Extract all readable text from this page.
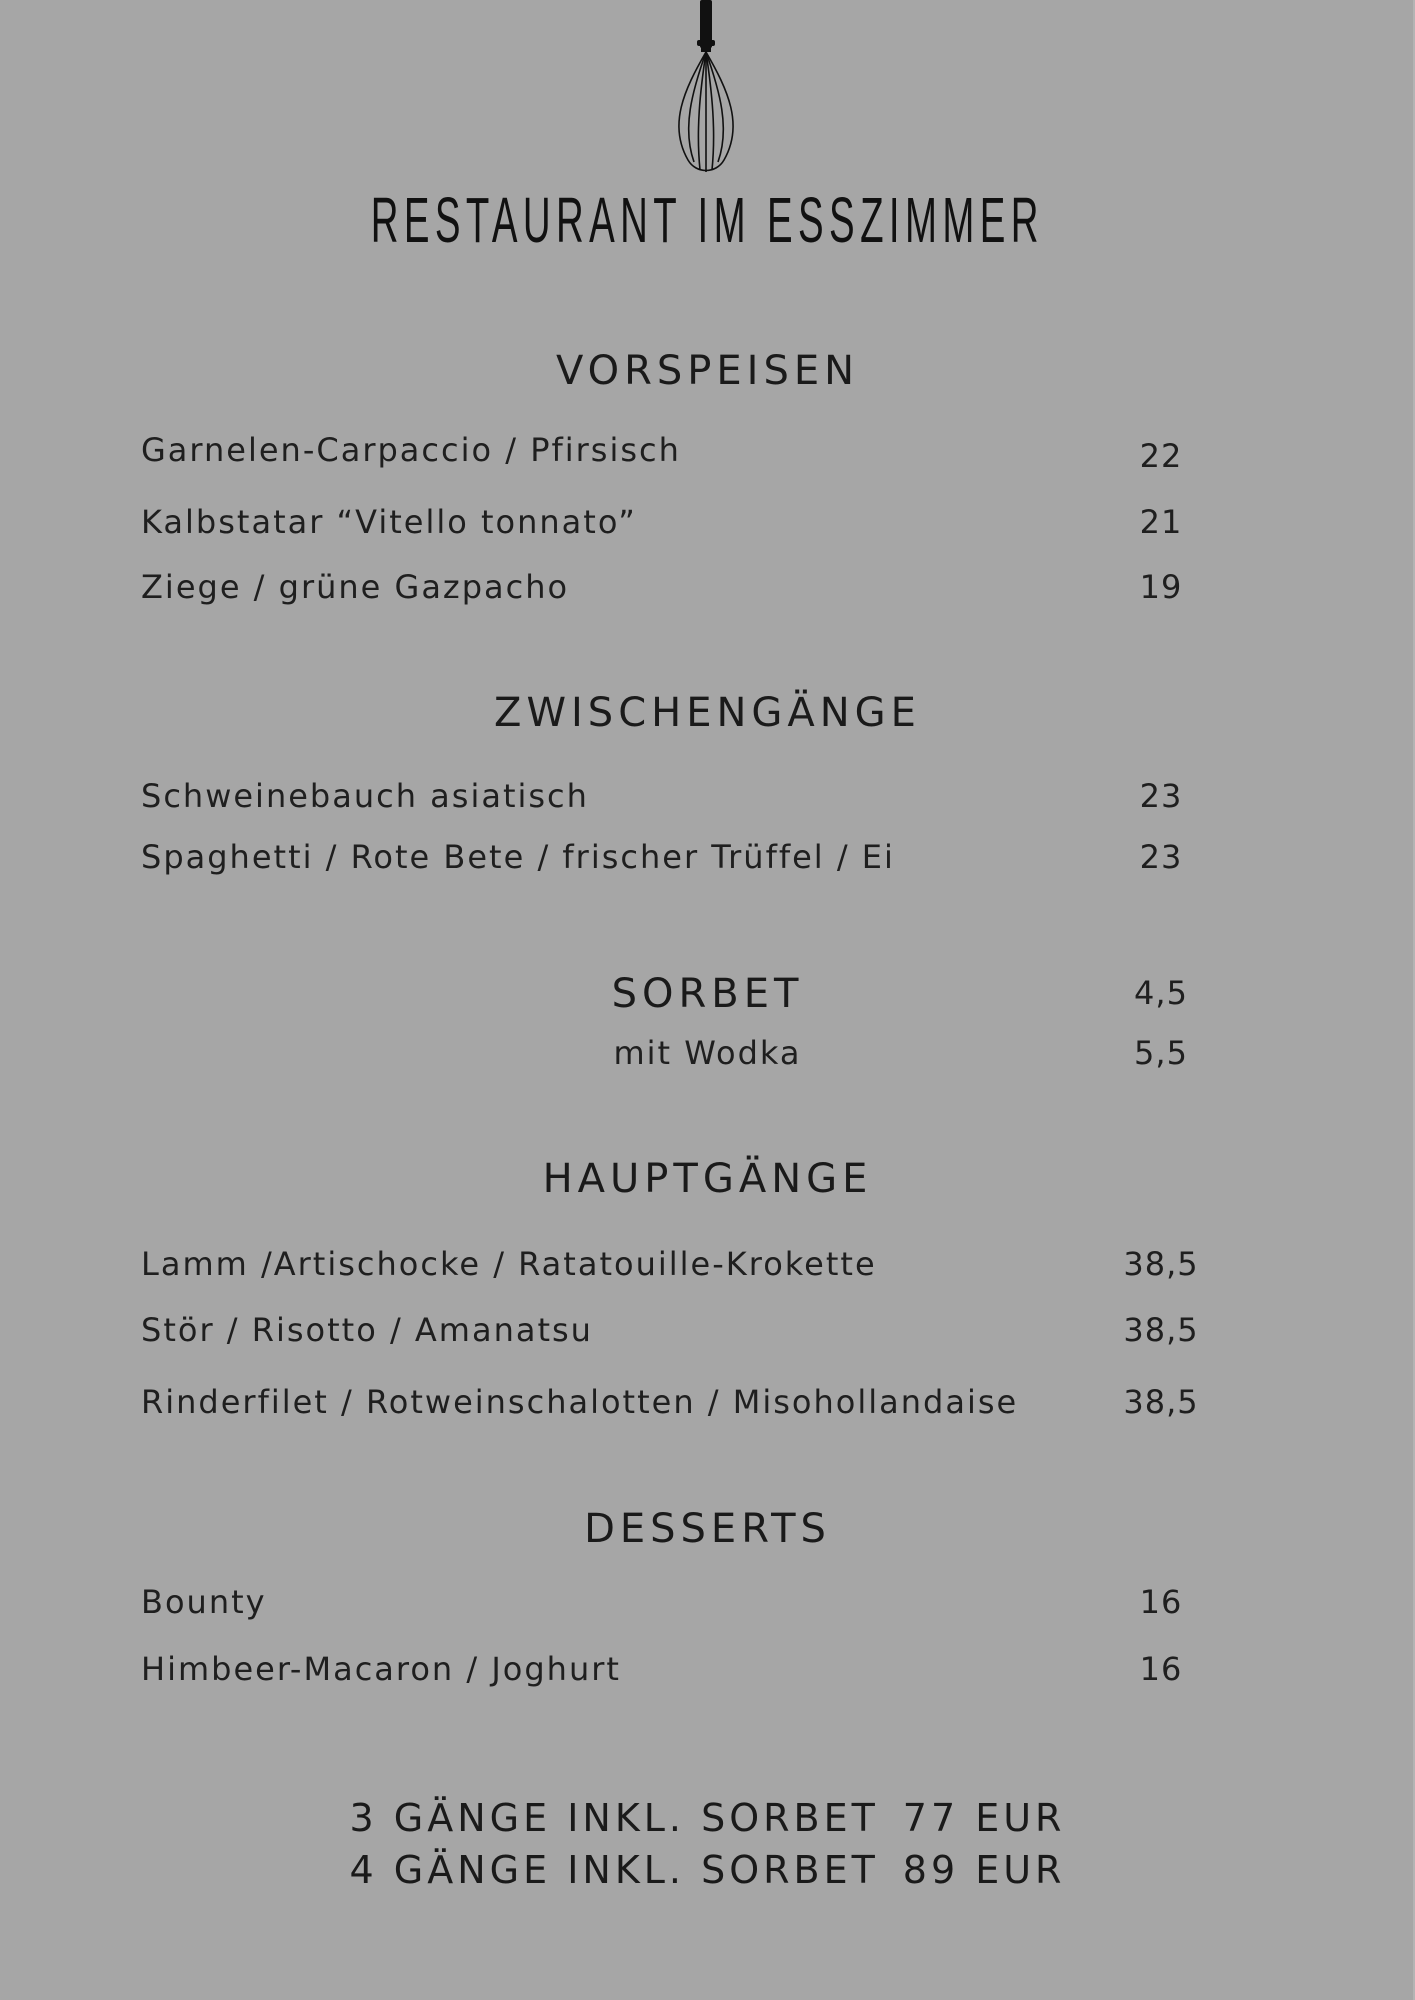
RESTAURANT IM ESSZIMMER
VORSPEISEN
Garnelen-Carpaccio / Pfirsisch	22
Kalbstatar “Vitello tonnato”	21
Ziege / grüne Gazpacho	19
ZWISCHENGÄNGE
Schweinebauch asiatisch	23
Spaghetti / Rote Bete / frischer Trüffel / Ei	23
SORBET	4,5
mit Wodka	5,5
HAUPTGÄNGE
Lamm /Artischocke / Ratatouille-Krokette	38,5
Stör / Risotto / Amanatsu	38,5
Rinderfilet / Rotweinschalotten / Misohollandaise	38,5
DESSERTS
Bounty	16
Himbeer-Macaron / Joghurt	16
3 GÄNGE INKL. SORBET 77 EUR
4 GÄNGE INKL. SORBET 89 EUR
